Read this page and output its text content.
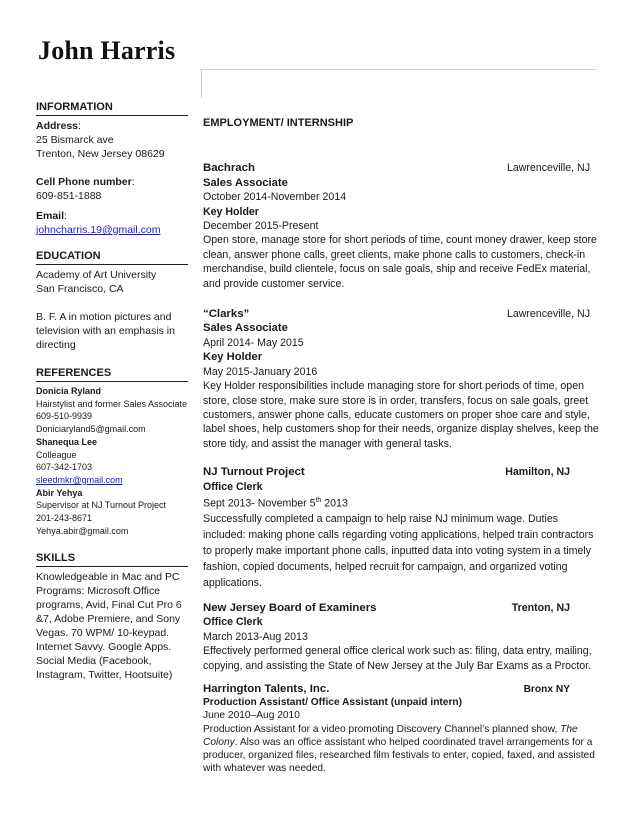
John Harris
INFORMATION
Address:
25 Bismarck ave
Trenton, New Jersey 08629
Cell Phone number:
609-851-1888
Email:
johncharris.19@gmail.com
EDUCATION
Academy of Art University
San Francisco, CA
B. F. A in motion pictures and television with an emphasis in directing
REFERENCES
Donicia Ryland
Hairstylist and former Sales Associate
609-510-9939
Doniciaryland5@gmail.com
Shanequa Lee
Colleague
607-342-1703
sleedmkr@gmail.com
Abir Yehya
Supervisor at NJ Turnout Project
201-243-8671
Yehya.abir@gmail.com
SKILLS
Knowledgeable in Mac and PC Programs: Microsoft Office programs, Avid, Final Cut Pro 6 &7, Adobe Premiere, and Sony Vegas. 70 WPM/ 10-keypad. Internet Savvy. Google Apps. Social Media (Facebook, Instagram, Twitter, Hootsuite)
EMPLOYMENT/ INTERNSHIP
Bachrach	Lawrenceville, NJ
Sales Associate
October 2014-November 2014
Key Holder
December 2015-Present

Open store, manage store for short periods of time, count money drawer, keep store clean, answer phone calls, greet clients, make phone calls to customers, check-in merchandise, build clientele, focus on sale goals, ship and receive FedEx material, and provide customer service.

“Clarks”	Lawrenceville, NJ
Sales Associate
April 2014- May 2015
Key Holder
May 2015-January 2016

Key Holder responsibilities include managing store for short periods of time, open store, close store, make sure store is in order, transfers, focus on sale goals, greet customers, answer phone calls, educate customers on proper shoe care and style, label shoes, help customers shop for their needs, organize display shelves, keep the store tidy, and assist the manager with general tasks.

NJ Turnout Project	Hamilton, NJ
Office Clerk
Sept 2013- November 5th 2013

Successfully completed a campaign to help raise NJ minimum wage. Duties included: making phone calls regarding voting applications, helped train contractors to properly make important phone calls, inputted data into voting system in a timely fashion, copied documents, helped recruit for campaign, and organized voting applications.

New Jersey Board of Examiners	Trenton, NJ
Office Clerk
March 2013-Aug 2013

Effectively performed general office clerical work such as: filing, data entry, mailing, copying, and assisting the State of New Jersey at the July Bar Exams as a Proctor.

Harrington Talents, Inc.	Bronx NY
Production Assistant/ Office Assistant (unpaid intern)
June 2010–Aug 2010

Production Assistant for a video promoting Discovery Channel’s planned show, The Colony. Also was an office assistant who helped coordinated travel arrangements for a producer, organized files, researched film festivals to enter, copied, faxed, and assisted with whatever was needed.
